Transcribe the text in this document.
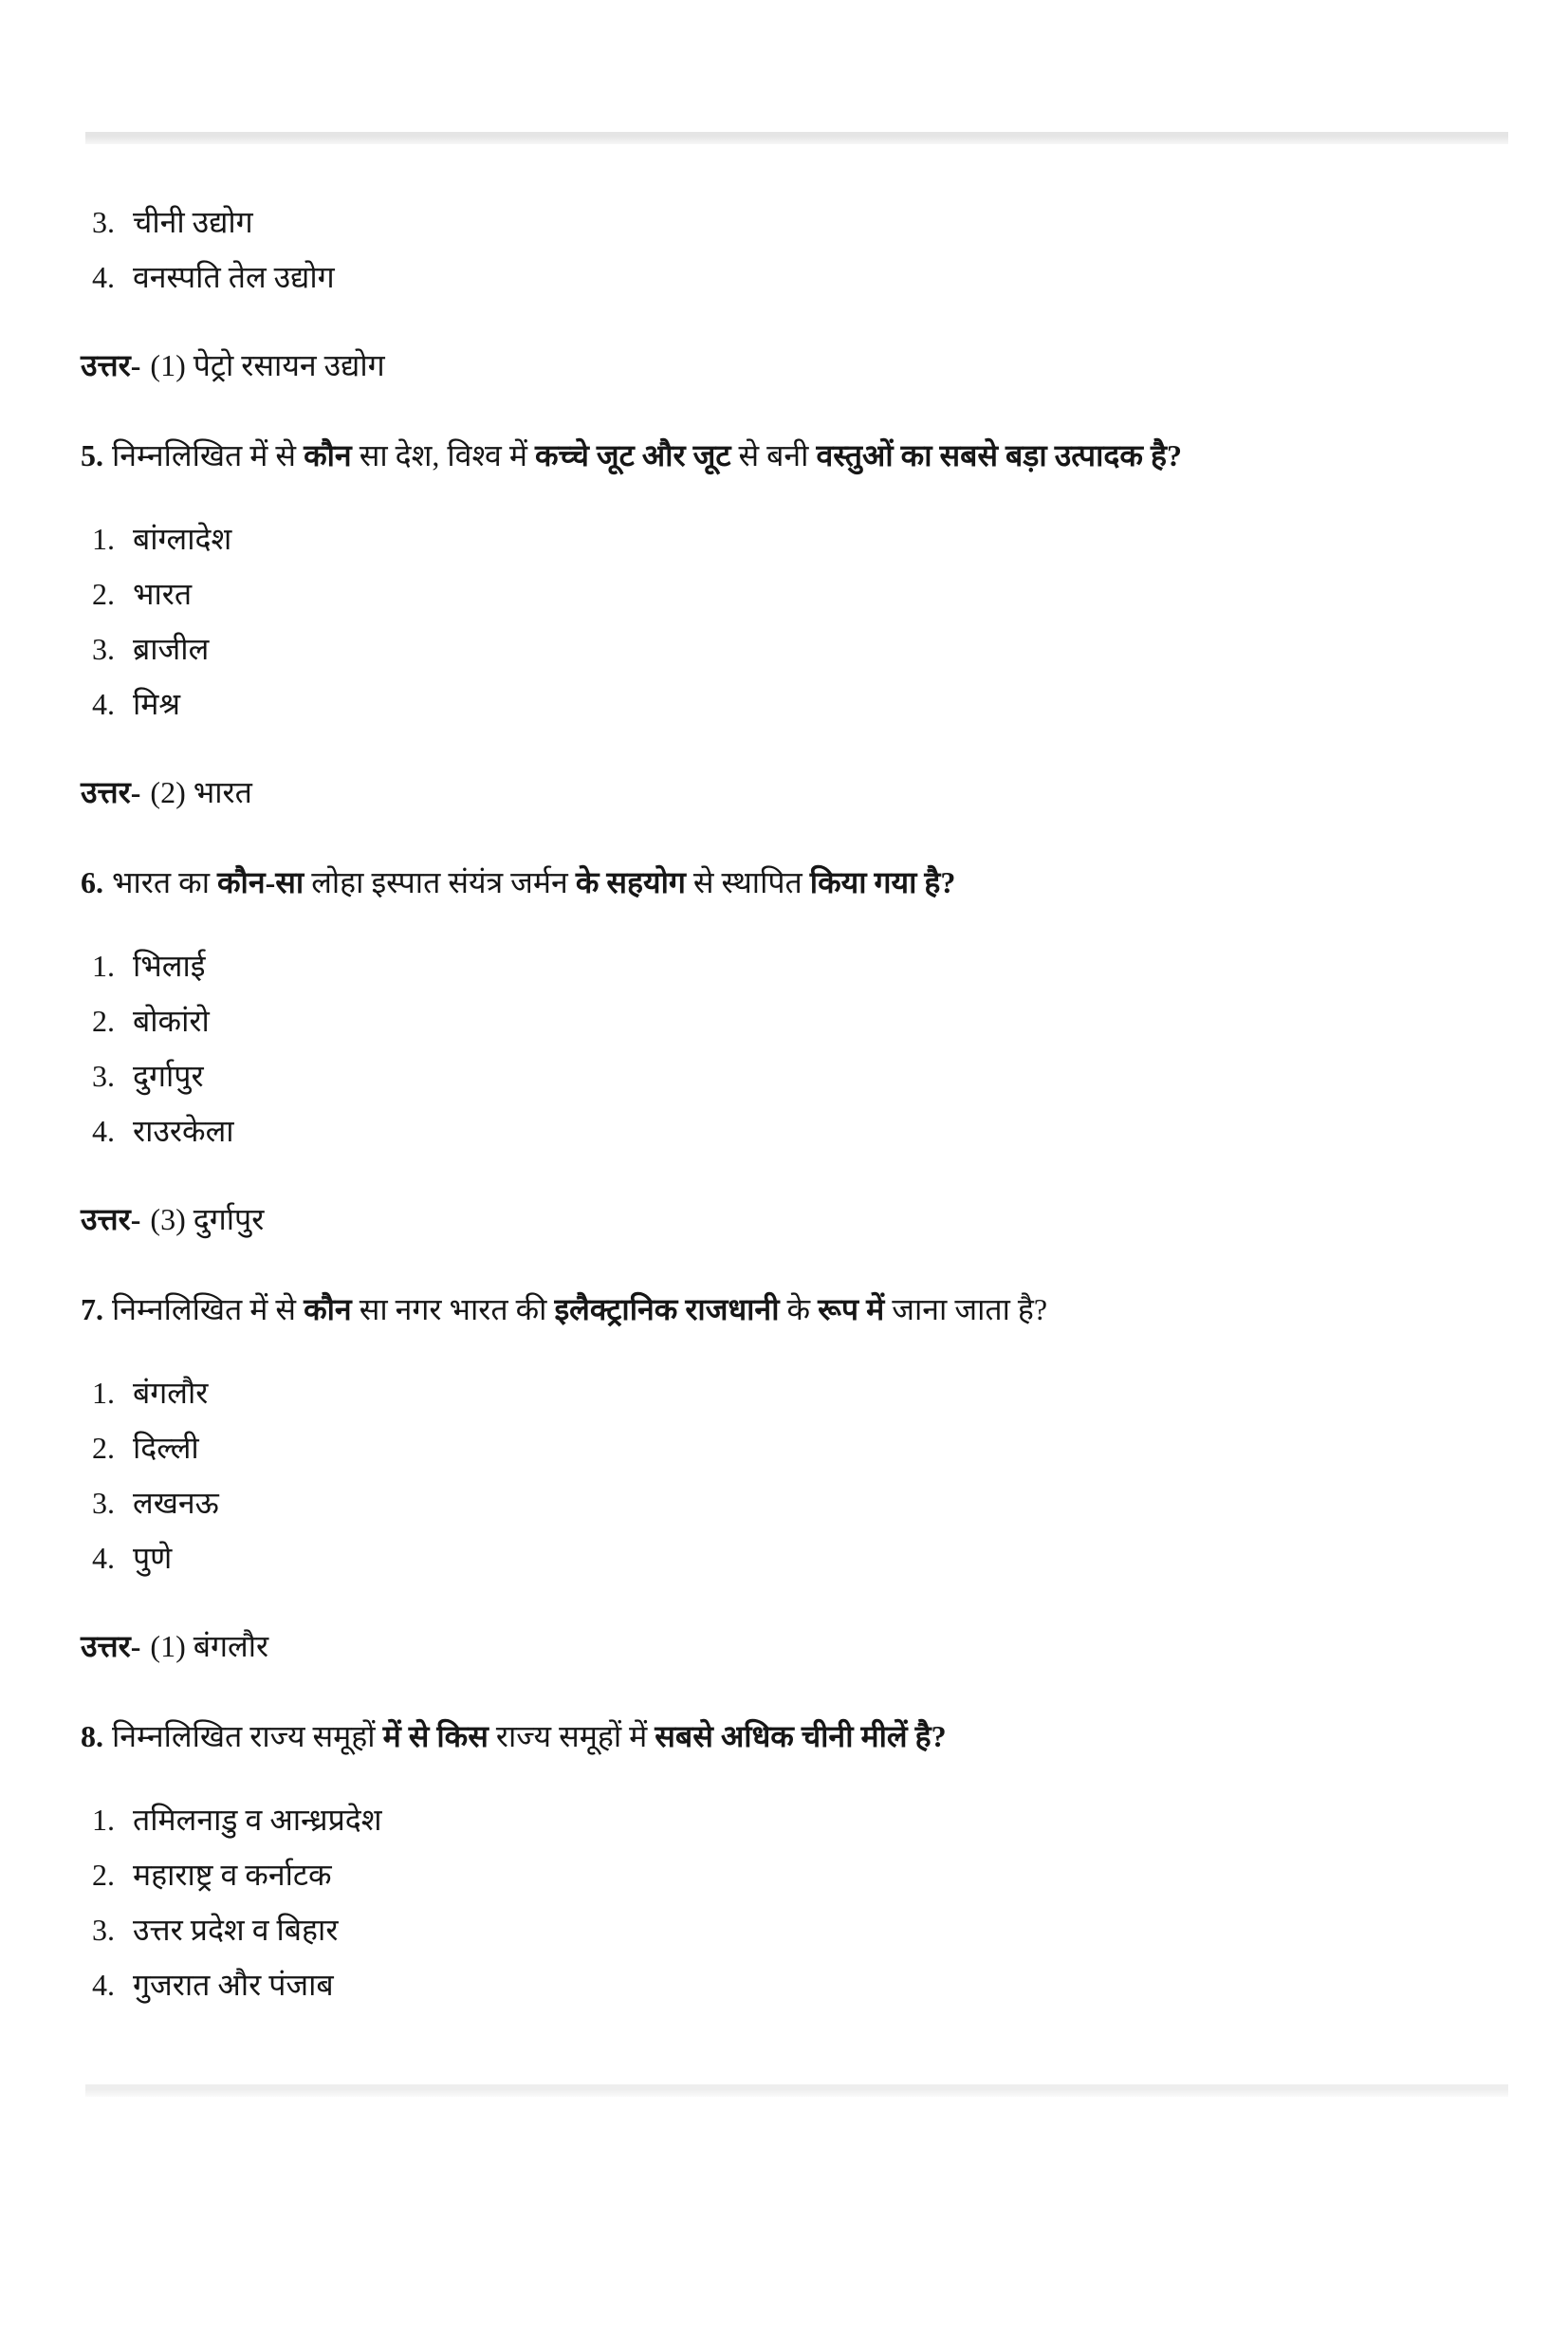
3. चीनी उद्योग
4. वनस्पति तेल उद्योग
उत्तर- (1) पेट्रो रसायन उद्योग
5. निम्नलिखित में से कौन सा देश, विश्व में कच्चे जूट और जूट से बनी वस्तुओं का सबसे बड़ा उत्पादक है?
1. बांग्लादेश
2. भारत
3. ब्राजील
4. मिश्र
उत्तर- (2) भारत
6. भारत का कौन-सा लोहा इस्पात संयंत्र जर्मन के सहयोग से स्थापित किया गया है?
1. भिलाई
2. बोकांरो
3. दुर्गापुर
4. राउरकेला
उत्तर- (3) दुर्गापुर
7. निम्नलिखित में से कौन सा नगर भारत की इलैक्ट्रानिक राजधानी के रूप में जाना जाता है?
1. बंगलौर
2. दिल्ली
3. लखनऊ
4. पुणे
उत्तर- (1) बंगलौर
8. निम्नलिखित राज्य समूहों में से किस राज्य समूहों में सबसे अधिक चीनी मीलें है?
1. तमिलनाडु व आन्ध्रप्रदेश
2. महाराष्ट्र व कर्नाटक
3. उत्तर प्रदेश व बिहार
4. गुजरात और पंजाब
